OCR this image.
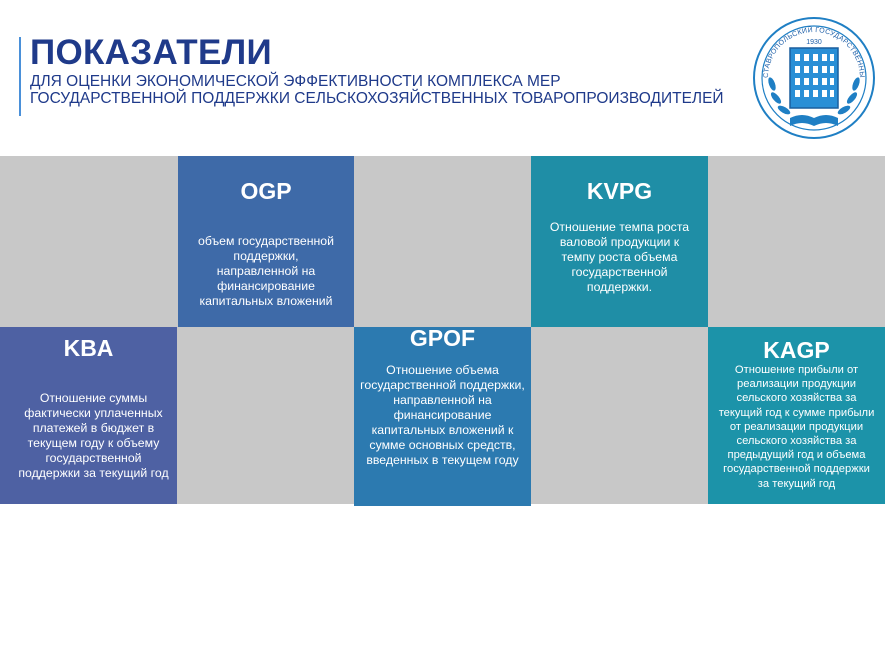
ПОКАЗАТЕЛИ
ДЛЯ ОЦЕНКИ ЭКОНОМИЧЕСКОЙ ЭФФЕКТИВНОСТИ КОМПЛЕКСА МЕР
ГОСУДАРСТВЕННОЙ ПОДДЕРЖКИ СЕЛЬСКОХОЗЯЙСТВЕННЫХ ТОВАРОПРОИЗВОДИТЕЛЕЙ
СТАВРОПОЛЬСКИЙ ГОСУДАРСТВЕННЫ
1930
OGP
объем государственной поддержки, направленной на финансирование капитальных вложений
KVPG
Отношение темпа роста валовой продукции к темпу роста объема государственной поддержки.
KBA
Отношение суммы фактически уплаченных платежей в бюджет в текущем году к объему государственной поддержки за текущий год
GPOF
Отношение объема государственной поддержки, направленной на финансирование капитальных вложений к сумме основных средств, введенных в текущем году
KAGP
Отношение прибыли от реализации продукции сельского хозяйства за текущий год к сумме прибыли от реализации продукции сельского хозяйства за предыдущий год и объема государственной поддержки за текущий год
